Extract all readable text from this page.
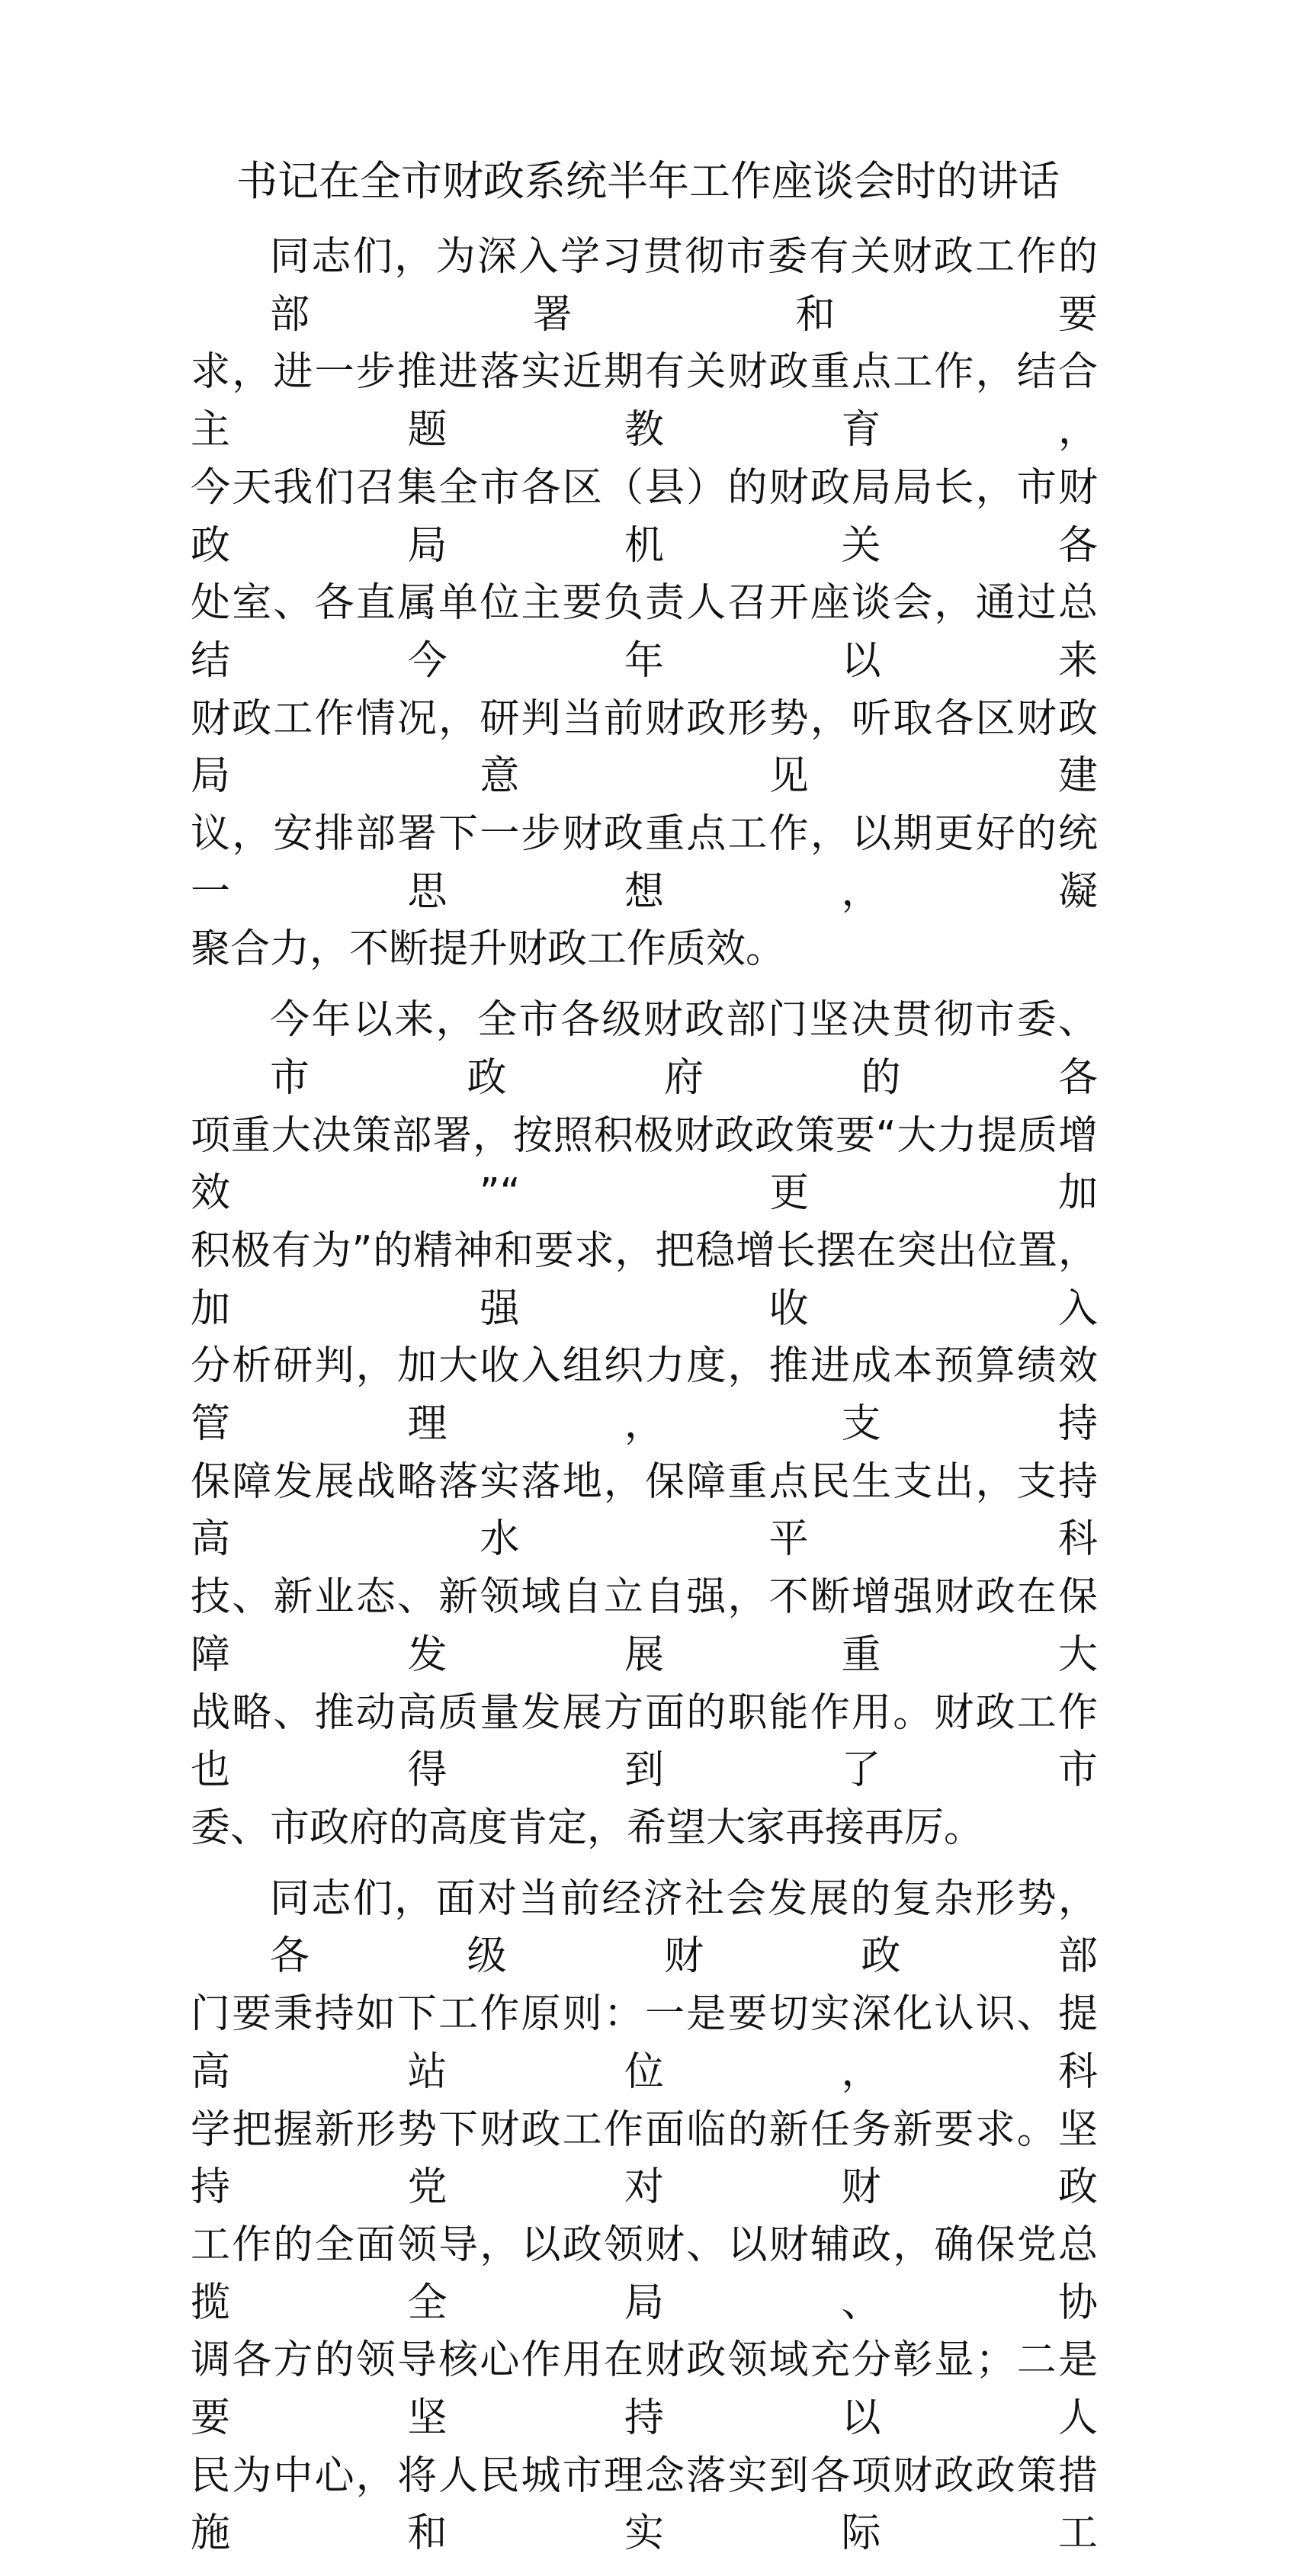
书记在全市财政系统半年工作座谈会时的讲话
同志们，为深入学习贯彻市委有关财政工作的部署和要
求，进一步推进落实近期有关财政重点工作，结合主题教育，
今天我们召集全市各区（县）的财政局局长，市财政局机关各
处室、各直属单位主要负责人召开座谈会，通过总结今年以来
财政工作情况，研判当前财政形势，听取各区财政局意见建
议，安排部署下一步财政重点工作，以期更好的统一思想，凝
聚合力，不断提升财政工作质效。
今年以来，全市各级财政部门坚决贯彻市委、市政府的各
项重大决策部署，按照积极财政政策要“大力提质增效”“更加
积极有为”的精神和要求，把稳增长摆在突出位置，加强收入
分析研判，加大收入组织力度，推进成本预算绩效管理，支持
保障发展战略落实落地，保障重点民生支出，支持高水平科
技、新业态、新领域自立自强，不断增强财政在保障发展重大
战略、推动高质量发展方面的职能作用。财政工作也得到了市
委、市政府的高度肯定，希望大家再接再厉。
同志们，面对当前经济社会发展的复杂形势，各级财政部
门要秉持如下工作原则：一是要切实深化认识、提高站位，科
学把握新形势下财政工作面临的新任务新要求。坚持党对财政
工作的全面领导，以政领财、以财辅政，确保党总揽全局、协
调各方的领导核心作用在财政领域充分彰显；二是要坚持以人
民为中心，将人民城市理念落实到各项财政政策措施和实际工
